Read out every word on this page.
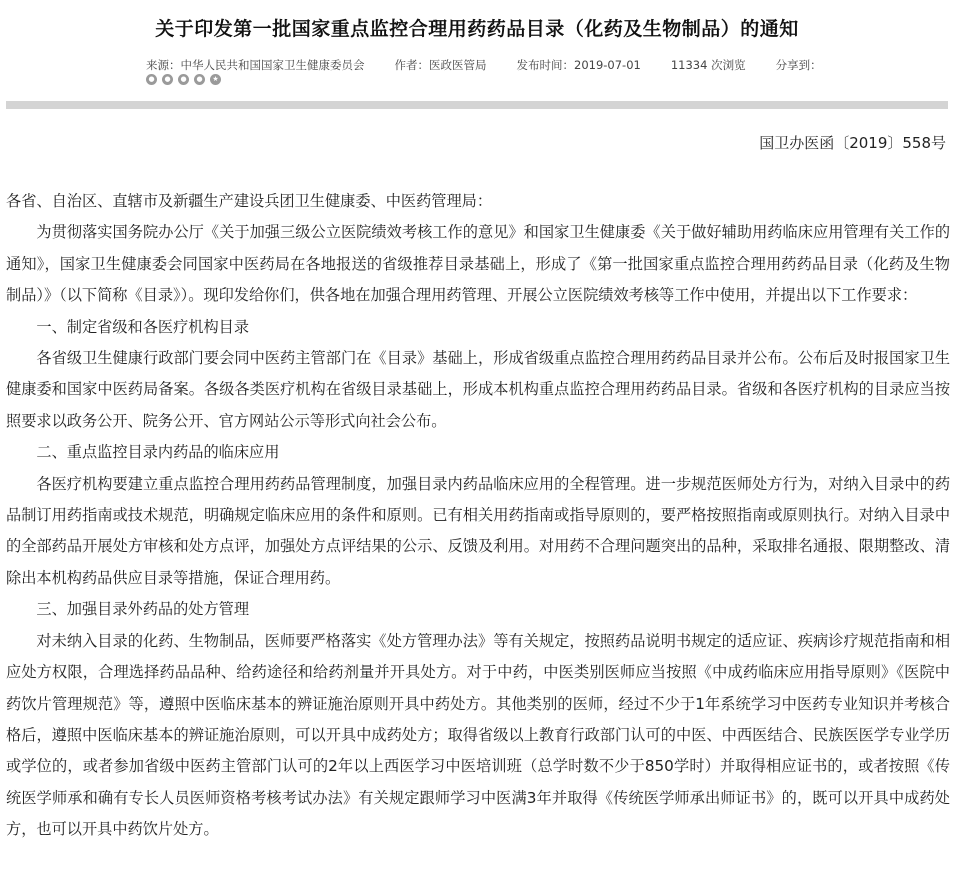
关于印发第一批国家重点监控合理用药药品目录（化药及生物制品）的通知
来源：中华人民共和国国家卫生健康委员会	作者：医政医管局	发布时间：2019-07-01	11334 次浏览	分享到：
● ● ● ● ★
国卫办医函〔2019〕558号

各省、自治区、直辖市及新疆生产建设兵团卫生健康委、中医药管理局：

为贯彻落实国务院办公厅《关于加强三级公立医院绩效考核工作的意见》和国家卫生健康委《关于做好辅助用药临床应用管理有关工作的通知》，国家卫生健康委会同国家中医药局在各地报送的省级推荐目录基础上，形成了《第一批国家重点监控合理用药药品目录（化药及生物制品）》（以下简称《目录》）。现印发给你们，供各地在加强合理用药管理、开展公立医院绩效考核等工作中使用，并提出以下工作要求：

一、制定省级和各医疗机构目录

各省级卫生健康行政部门要会同中医药主管部门在《目录》基础上，形成省级重点监控合理用药药品目录并公布。公布后及时报国家卫生健康委和国家中医药局备案。各级各类医疗机构在省级目录基础上，形成本机构重点监控合理用药药品目录。省级和各医疗机构的目录应当按照要求以政务公开、院务公开、官方网站公示等形式向社会公布。

二、重点监控目录内药品的临床应用

各医疗机构要建立重点监控合理用药药品管理制度，加强目录内药品临床应用的全程管理。进一步规范医师处方行为，对纳入目录中的药品制订用药指南或技术规范，明确规定临床应用的条件和原则。已有相关用药指南或指导原则的，要严格按照指南或原则执行。对纳入目录中的全部药品开展处方审核和处方点评，加强处方点评结果的公示、反馈及利用。对用药不合理问题突出的品种，采取排名通报、限期整改、清除出本机构药品供应目录等措施，保证合理用药。

三、加强目录外药品的处方管理

对未纳入目录的化药、生物制品，医师要严格落实《处方管理办法》等有关规定，按照药品说明书规定的适应证、疾病诊疗规范指南和相应处方权限，合理选择药品品种、给药途径和给药剂量并开具处方。对于中药，中医类别医师应当按照《中成药临床应用指导原则》《医院中药饮片管理规范》等，遵照中医临床基本的辨证施治原则开具中药处方。其他类别的医师，经过不少于1年系统学习中医药专业知识并考核合格后，遵照中医临床基本的辨证施治原则，可以开具中成药处方；取得省级以上教育行政部门认可的中医、中西医结合、民族医医学专业学历或学位的，或者参加省级中医药主管部门认可的2年以上西医学习中医培训班（总学时数不少于850学时）并取得相应证书的，或者按照《传统医学师承和确有专长人员医师资格考核考试办法》有关规定跟师学习中医满3年并取得《传统医学师承出师证书》的，既可以开具中成药处方，也可以开具中药饮片处方。
